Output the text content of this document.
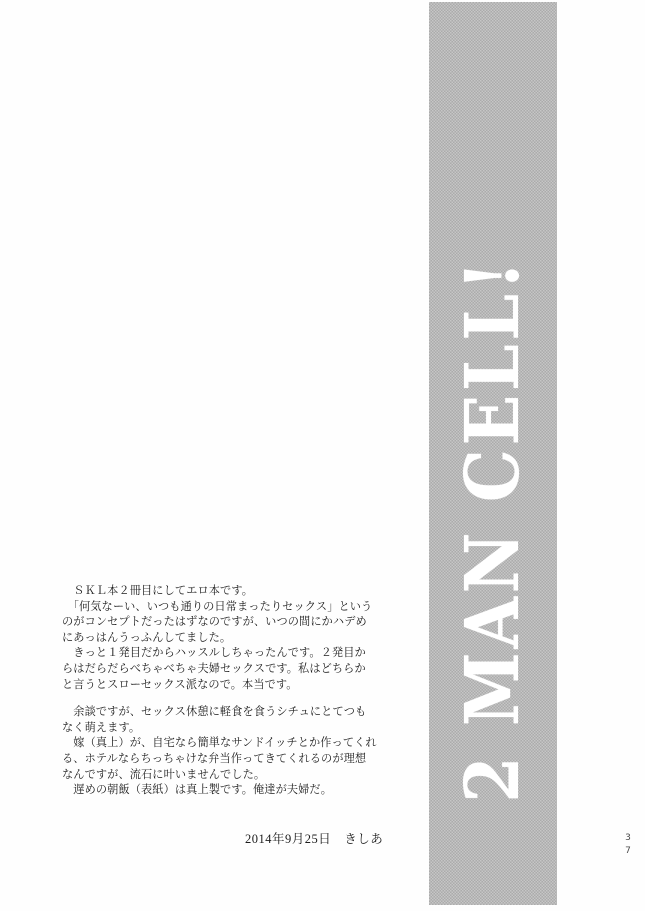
2 MAN CELL!
　ＳＫＬ本２冊目にしてエロ本です。
　「何気なーい、いつも通りの日常まったりセックス」という
のがコンセプトだったはずなのですが、いつの間にかハデめ
にあっはんうっふんしてました。
　きっと１発目だからハッスルしちゃったんです。２発目か
らはだらだらべちゃべちゃ夫婦セックスです。私はどちらか
と言うとスローセックス派なので。本当です。
　余談ですが、セックス休憩に軽食を食うシチュにとてつも
なく萌えます。
　嫁（真上）が、自宅なら簡単なサンドイッチとか作ってくれ
る、ホテルならちっちゃけな弁当作ってきてくれるのが理想
なんですが、流石に叶いませんでした。
　遅めの朝飯（表紙）は真上製です。俺達が夫婦だ。
2014年9月25日　きしあ	3
7
